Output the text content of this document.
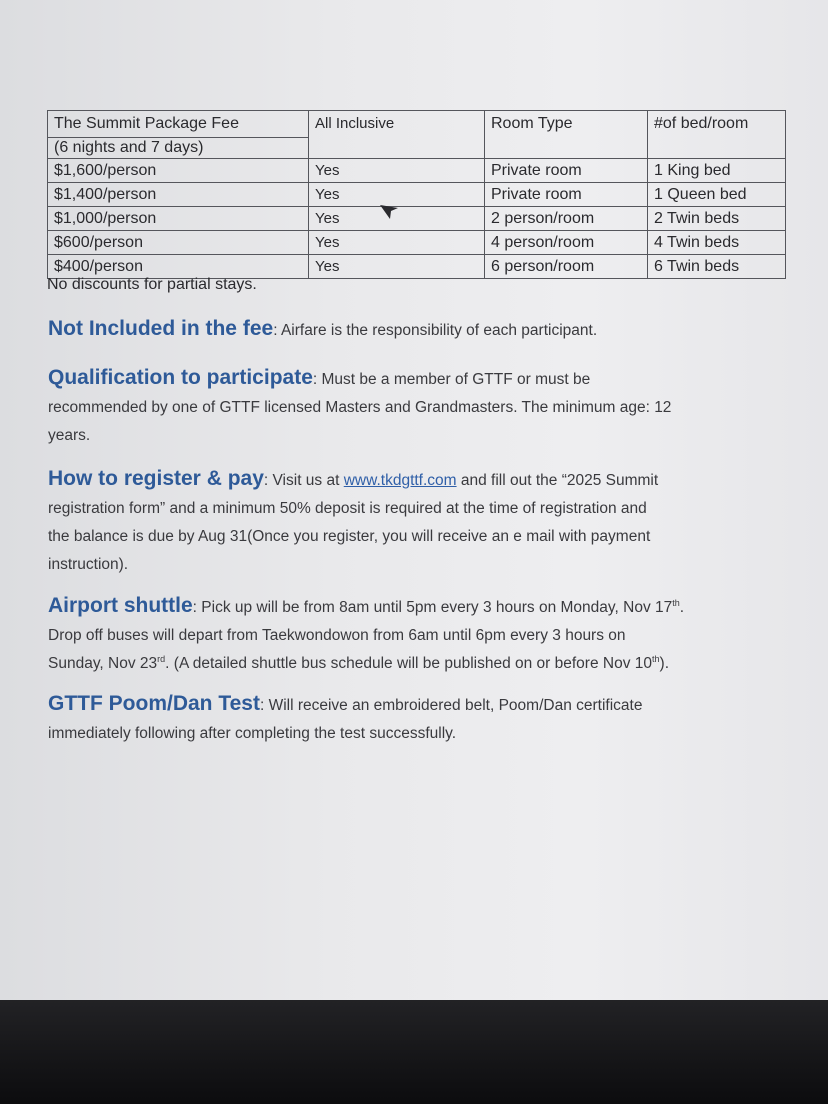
The Summit Package Fee	All Inclusive	Room Type	#of bed/room
(6 nights and 7 days)			
$1,600/person	Yes	Private room	1 King bed
$1,400/person	Yes	Private room	1 Queen bed
$1,000/person	Yes	2 person/room	2 Twin beds
$600/person	Yes	4 person/room	4 Twin beds
$400/person	Yes	6 person/room	6 Twin beds
No discounts for partial stays.
Not Included in the fee: Airfare is the responsibility of each participant.
Qualification to participate: Must be a member of GTTF or must be
recommended by one of GTTF licensed Masters and Grandmasters. The minimum age: 12
years.
How to register & pay: Visit us at www.tkdgttf.com and fill out the “2025 Summit
registration form” and a minimum 50% deposit is required at the time of registration and
the balance is due by Aug 31(Once you register, you will receive an e mail with payment
instruction).
Airport shuttle: Pick up will be from 8am until 5pm every 3 hours on Monday, Nov 17th.
Drop off buses will depart from Taekwondowon from 6am until 6pm every 3 hours on
Sunday, Nov 23rd. (A detailed shuttle bus schedule will be published on or before Nov 10th).
GTTF Poom/Dan Test: Will receive an embroidered belt, Poom/Dan certificate
immediately following after completing the test successfully.
